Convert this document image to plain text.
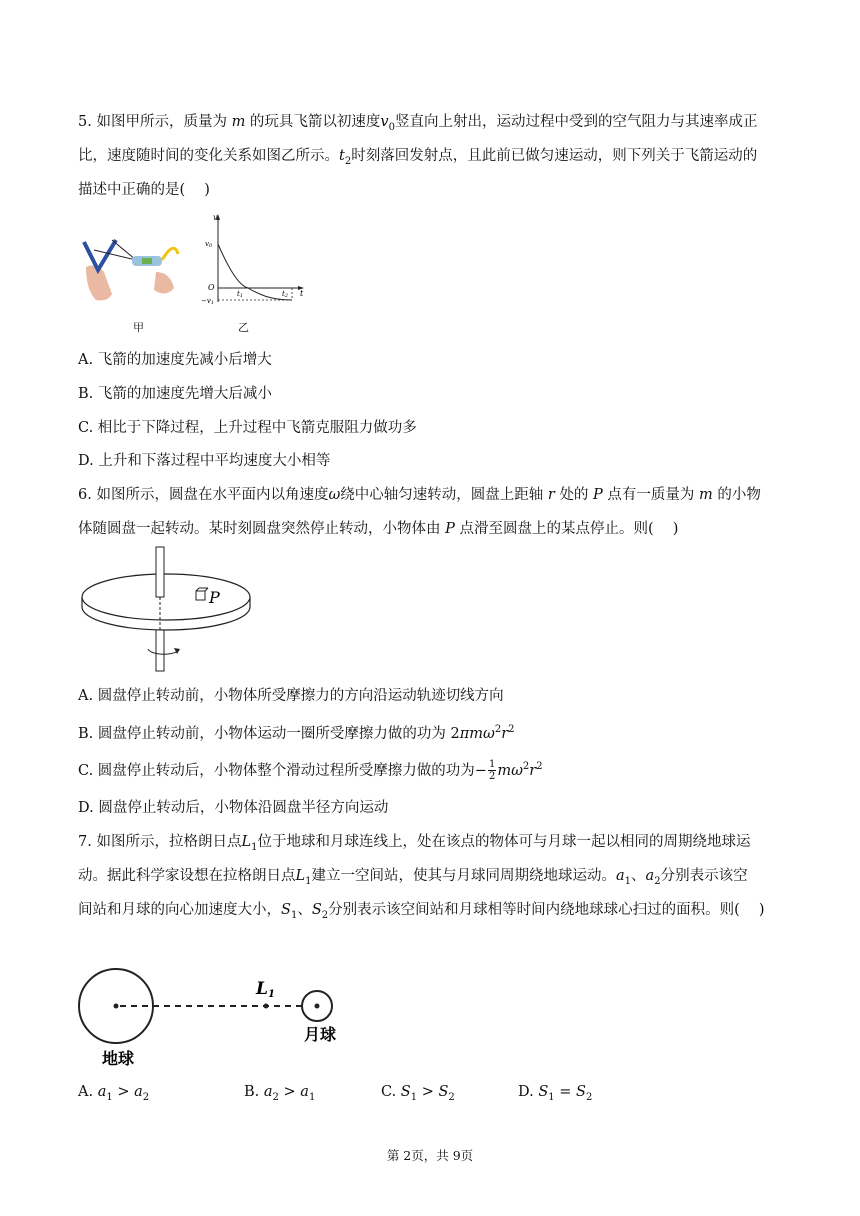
5. 如图甲所示，质量为 m 的玩具飞箭以初速度$v_0$竖直向上射出，运动过程中受到的空气阻力与其速率成正
比，速度随时间的变化关系如图乙所示。$t_2$时刻落回发射点，且此前已做匀速运动，则下列关于飞箭运动的
描述中正确的是(　 )
甲
v
v0
O
−v1
t1	t2 t
乙
A. 飞箭的加速度先减小后增大
B. 飞箭的加速度先增大后减小
C. 相比于下降过程，上升过程中飞箭克服阻力做功多
D. 上升和下落过程中平均速度大小相等
6. 如图所示，圆盘在水平面内以角速度ω绕中心轴匀速转动，圆盘上距轴 r 处的 P 点有一质量为 m 的小物
体随圆盘一起转动。某时刻圆盘突然停止转动，小物体由 P 点滑至圆盘上的某点停止。则(　 )
P
A. 圆盘停止转动前，小物体所受摩擦力的方向沿运动轨迹切线方向
B. 圆盘停止转动前，小物体运动一圈所受摩擦力做的功为 $2\pi m\omega^2r^2$
C. 圆盘停止转动后，小物体整个滑动过程所受摩擦力做的功为− $\frac{1}{2} m\omega^2r^2$
D. 圆盘停止转动后，小物体沿圆盘半径方向运动
7. 如图所示，拉格朗日点$L_1$位于地球和月球连线上，处在该点的物体可与月球一起以相同的周期绕地球运
动。据此科学家设想在拉格朗日点$L_1$建立一空间站，使其与月球同周期绕地球运动。$a_1$、$a_2$分别表示该空
间站和月球的向心加速度大小，$S_1$、$S_2$分别表示该空间站和月球相等时间内绕地球球心扫过的面积。则(　 )
L1
地球
月球
A. $a_1 > a_2$	B. $a_2 > a_1$	C. $S_1 > S_2$	D. $S_1 = S_2$
第 2页，共 9页
